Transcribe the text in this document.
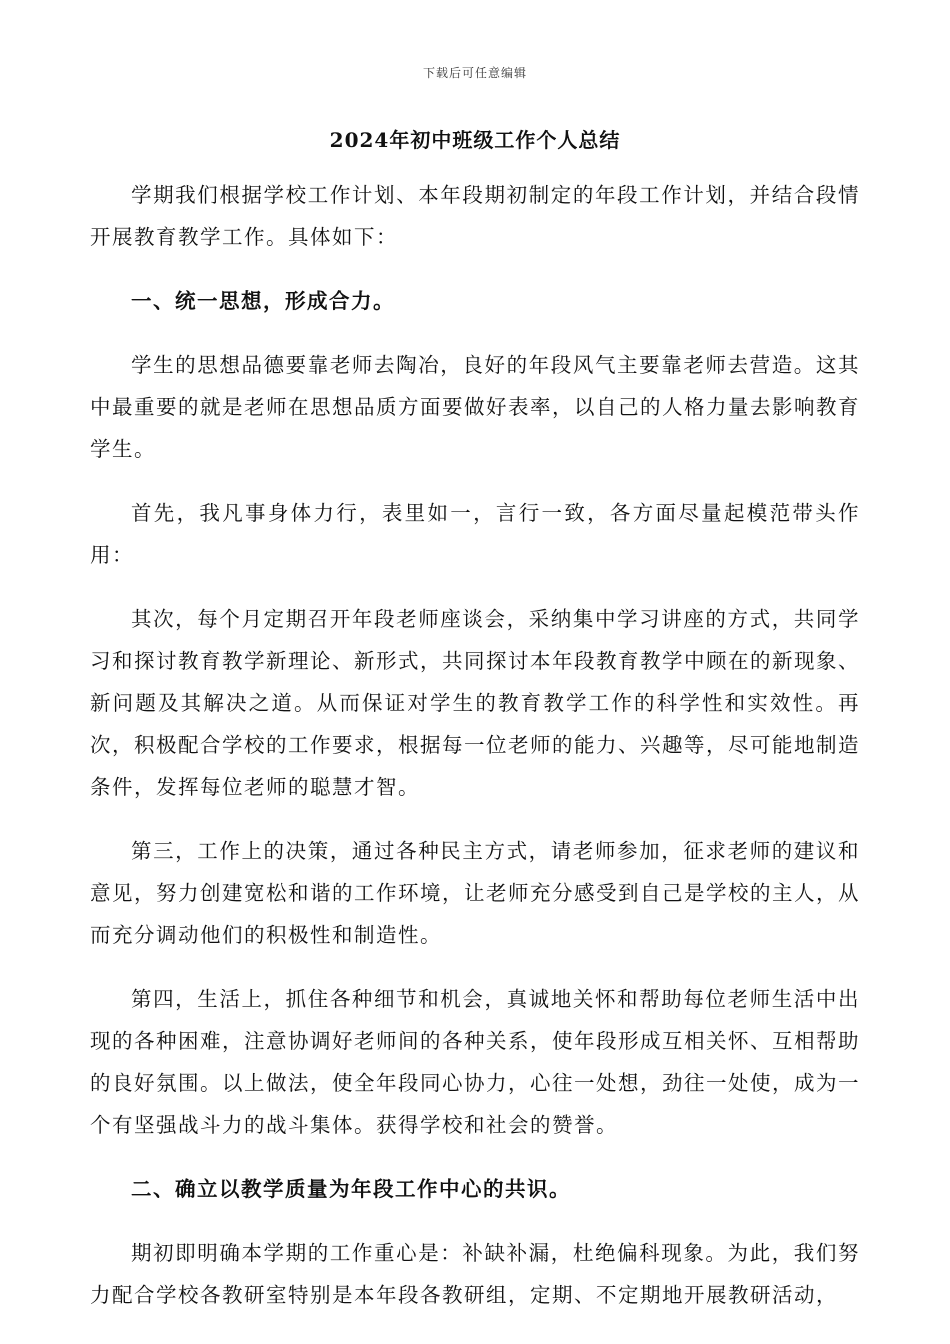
下载后可任意编辑
2024年初中班级工作个人总结

学期我们根据学校工作计划、本年段期初制定的年段工作计划，并结合段情开展教育教学工作。具体如下：

一、统一思想，形成合力。

学生的思想品德要靠老师去陶冶，良好的年段风气主要靠老师去营造。这其中最重要的就是老师在思想品质方面要做好表率，以自己的人格力量去影响教育学生。

首先，我凡事身体力行，表里如一，言行一致，各方面尽量起模范带头作用：

其次，每个月定期召开年段老师座谈会，采纳集中学习讲座的方式，共同学习和探讨教育教学新理论、新形式，共同探讨本年段教育教学中顾在的新现象、新问题及其解决之道。从而保证对学生的教育教学工作的科学性和实效性。再次，积极配合学校的工作要求，根据每一位老师的能力、兴趣等，尽可能地制造条件，发挥每位老师的聪慧才智。

第三，工作上的决策，通过各种民主方式，请老师参加，征求老师的建议和意见，努力创建宽松和谐的工作环境，让老师充分感受到自己是学校的主人，从而充分调动他们的积极性和制造性。

第四，生活上，抓住各种细节和机会，真诚地关怀和帮助每位老师生活中出现的各种困难，注意协调好老师间的各种关系，使年段形成互相关怀、互相帮助的良好氛围。以上做法，使全年段同心协力，心往一处想，劲往一处使，成为一个有坚强战斗力的战斗集体。获得学校和社会的赞誉。

二、确立以教学质量为年段工作中心的共识。

期初即明确本学期的工作重心是：补缺补漏，杜绝偏科现象。为此，我们努力配合学校各教研室特别是本年段各教研组，定期、不定期地开展教研活动，
